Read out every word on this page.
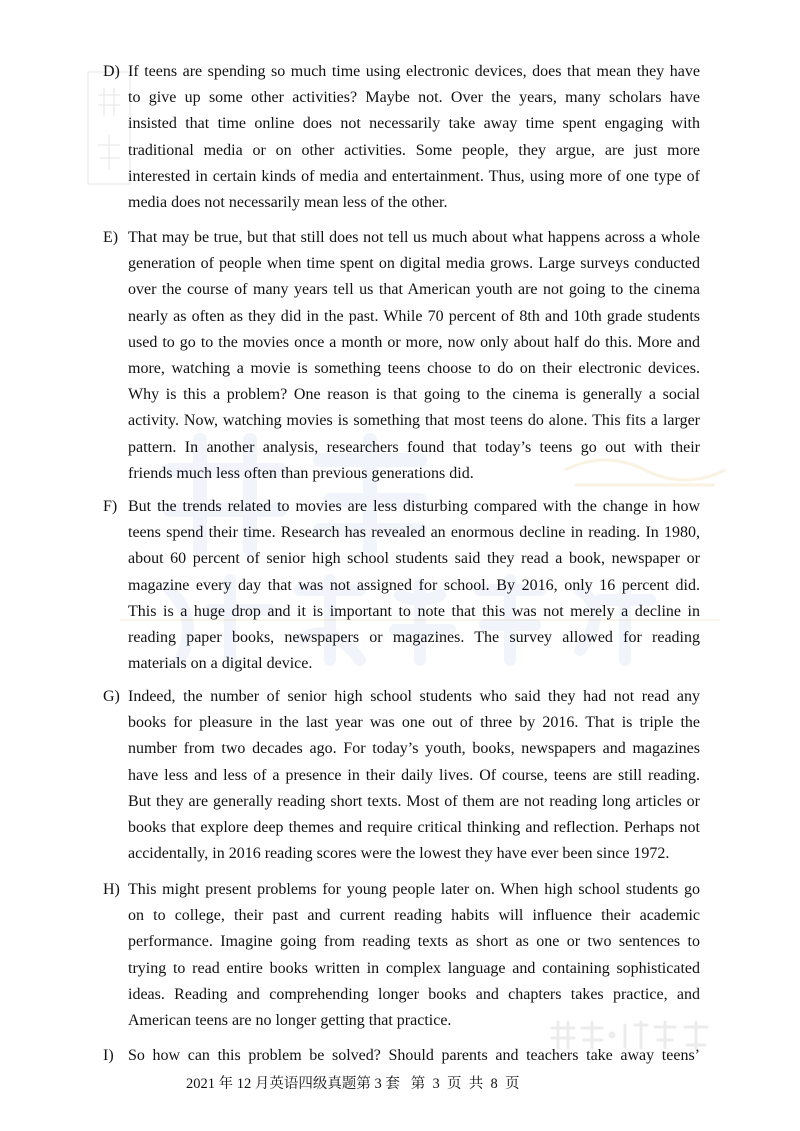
D) If teens are spending so much time using electronic devices, does that mean they have
to give up some other activities? Maybe not. Over the years, many scholars have
insisted that time online does not necessarily take away time spent engaging with
traditional media or on other activities. Some people, they argue, are just more
interested in certain kinds of media and entertainment. Thus, using more of one type of
media does not necessarily mean less of the other.
E) That may be true, but that still does not tell us much about what happens across a whole
generation of people when time spent on digital media grows. Large surveys conducted
over the course of many years tell us that American youth are not going to the cinema
nearly as often as they did in the past. While 70 percent of 8th and 10th grade students
used to go to the movies once a month or more, now only about half do this. More and
more, watching a movie is something teens choose to do on their electronic devices.
Why is this a problem? One reason is that going to the cinema is generally a social
activity. Now, watching movies is something that most teens do alone. This fits a larger
pattern. In another analysis, researchers found that today’s teens go out with their
friends much less often than previous generations did.
F) But the trends related to movies are less disturbing compared with the change in how
teens spend their time. Research has revealed an enormous decline in reading. In 1980,
about 60 percent of senior high school students said they read a book, newspaper or
magazine every day that was not assigned for school. By 2016, only 16 percent did.
This is a huge drop and it is important to note that this was not merely a decline in
reading paper books, newspapers or magazines. The survey allowed for reading
materials on a digital device.
G) Indeed, the number of senior high school students who said they had not read any
books for pleasure in the last year was one out of three by 2016. That is triple the
number from two decades ago. For today’s youth, books, newspapers and magazines
have less and less of a presence in their daily lives. Of course, teens are still reading.
But they are generally reading short texts. Most of them are not reading long articles or
books that explore deep themes and require critical thinking and reflection. Perhaps not
accidentally, in 2016 reading scores were the lowest they have ever been since 1972.
H) This might present problems for young people later on. When high school students go
on to college, their past and current reading habits will influence their academic
performance. Imagine going from reading texts as short as one or two sentences to
trying to read entire books written in complex language and containing sophisticated
ideas. Reading and comprehending longer books and chapters takes practice, and
American teens are no longer getting that practice.
I) So how can this problem be solved? Should parents and teachers take away teens’
2021 年 12 月英语四级真题第 3 套   第  3  页  共  8  页
